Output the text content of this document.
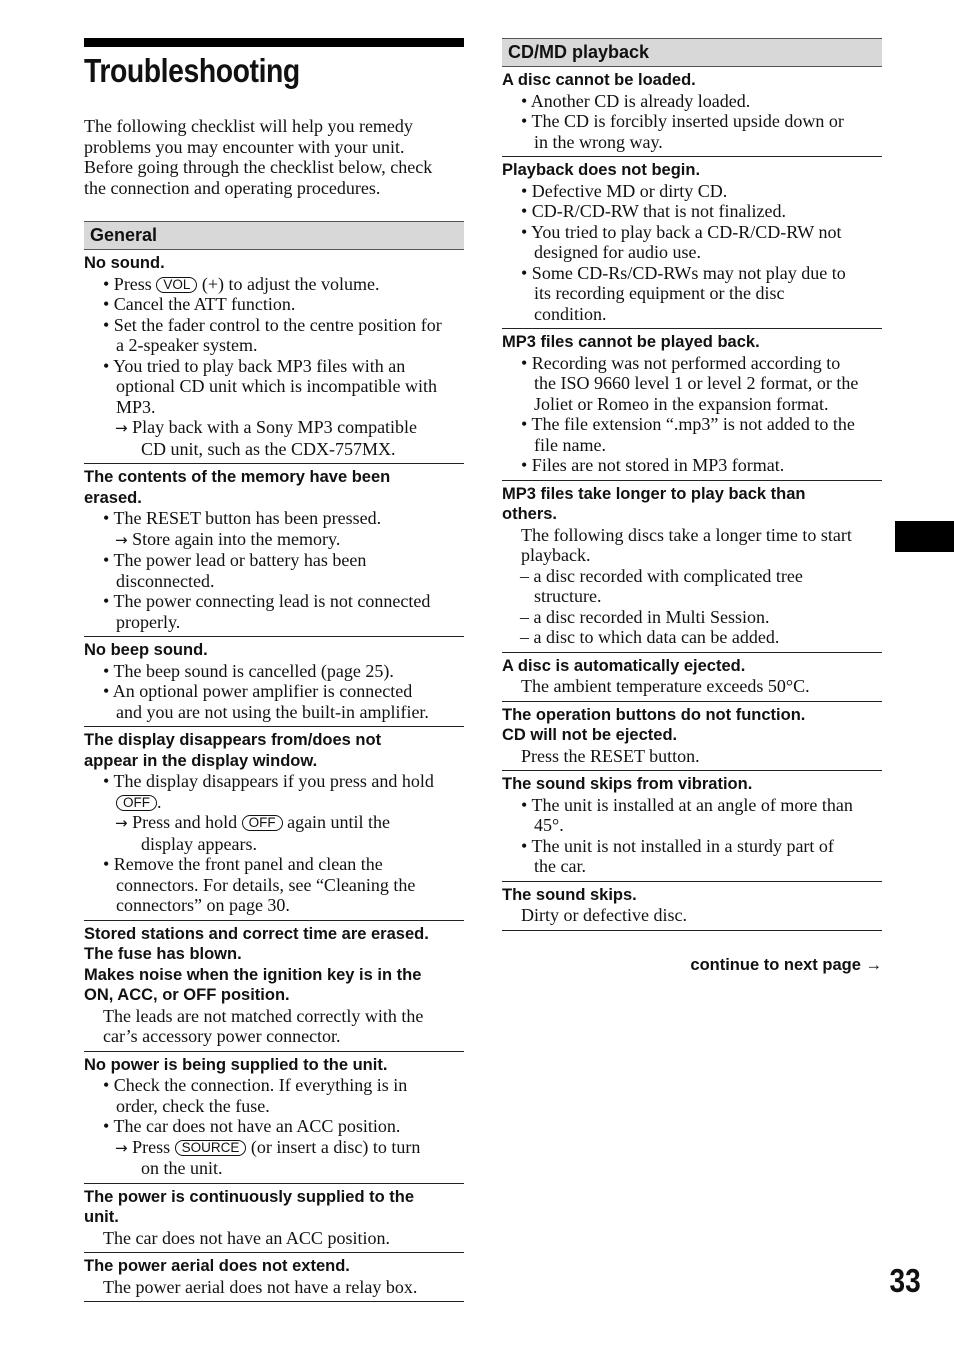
Troubleshooting
The following checklist will help you remedy
problems you may encounter with your unit.
Before going through the checklist below, check
the connection and operating procedures.
General
No sound.
• Press VOL (+) to adjust the volume.
• Cancel the ATT function.
• Set the fader control to the centre position for
a 2-speaker system.
• You tried to play back MP3 files with an
optional CD unit which is incompatible with
MP3.
→ Play back with a Sony MP3 compatible
CD unit, such as the CDX-757MX.
The contents of the memory have been
erased.
• The RESET button has been pressed.
→ Store again into the memory.
• The power lead or battery has been
disconnected.
• The power connecting lead is not connected
properly.
No beep sound.
• The beep sound is cancelled (page 25).
• An optional power amplifier is connected
and you are not using the built-in amplifier.
The display disappears from/does not
appear in the display window.
• The display disappears if you press and hold
OFF .
→ Press and hold OFF again until the
display appears.
• Remove the front panel and clean the
connectors. For details, see “Cleaning the
connectors” on page 30.
Stored stations and correct time are erased.
The fuse has blown.
Makes noise when the ignition key is in the
ON, ACC, or OFF position.
The leads are not matched correctly with the
car’s accessory power connector.
No power is being supplied to the unit.
• Check the connection. If everything is in
order, check the fuse.
• The car does not have an ACC position.
→ Press SOURCE (or insert a disc) to turn
on the unit.
The power is continuously supplied to the
unit.
The car does not have an ACC position.
The power aerial does not extend.
The power aerial does not have a relay box.
CD/MD playback
A disc cannot be loaded.
• Another CD is already loaded.
• The CD is forcibly inserted upside down or
in the wrong way.
Playback does not begin.
• Defective MD or dirty CD.
• CD-R/CD-RW that is not finalized.
• You tried to play back a CD-R/CD-RW not
designed for audio use.
• Some CD-Rs/CD-RWs may not play due to
its recording equipment or the disc
condition.
MP3 files cannot be played back.
• Recording was not performed according to
the ISO 9660 level 1 or level 2 format, or the
Joliet or Romeo in the expansion format.
• The file extension “.mp3” is not added to the
file name.
• Files are not stored in MP3 format.
MP3 files take longer to play back than
others.
The following discs take a longer time to start
playback.
– a disc recorded with complicated tree
structure.
– a disc recorded in Multi Session.
– a disc to which data can be added.
A disc is automatically ejected.
The ambient temperature exceeds 50°C.
The operation buttons do not function.
CD will not be ejected.
Press the RESET button.
The sound skips from vibration.
• The unit is installed at an angle of more than
45°.
• The unit is not installed in a sturdy part of
the car.
The sound skips.
Dirty or defective disc.
continue to next page →
33
